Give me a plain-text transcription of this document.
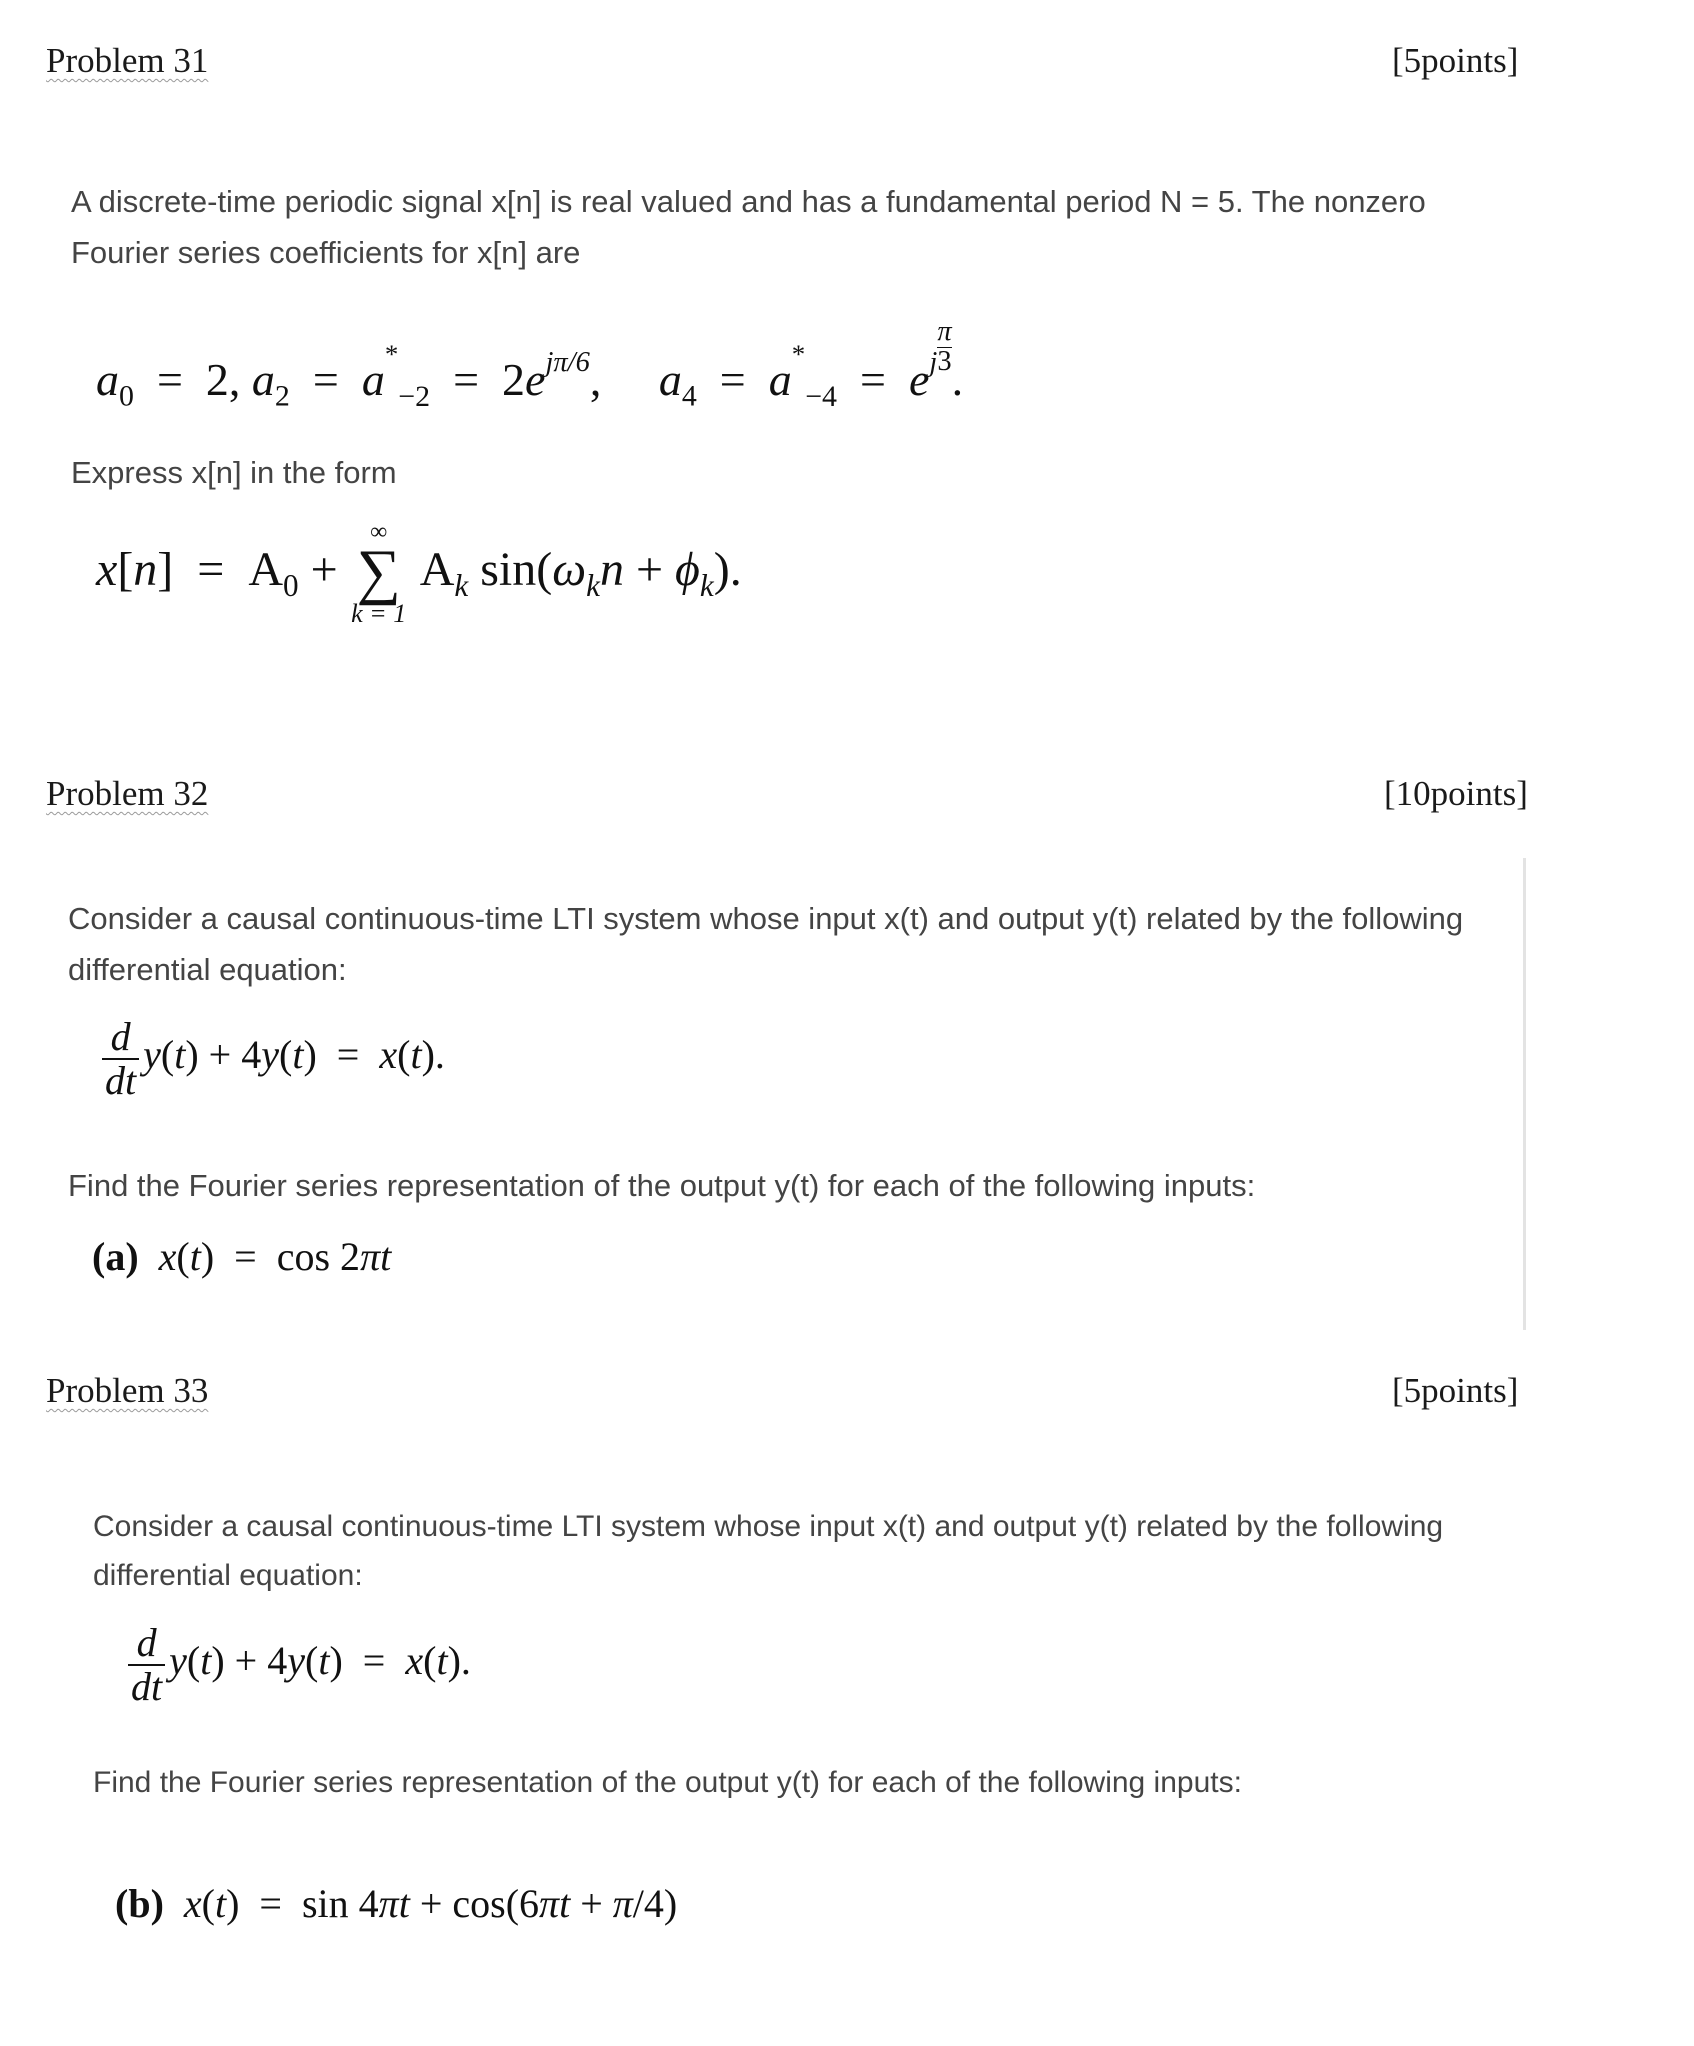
Problem 31	[5points]
A discrete-time periodic signal x[n] is real valued and has a fundamental period N = 5. The nonzero Fourier series coefficients for x[n] are
$a_0 = 2$, $a_2 = a_{*-2} = 2e^{j\pi/6}$,     $a_4 = a_{*-4} = e^j \frac{\pi}{3}$
.
Express x[n] in the form
$x[n] = A_0$ +
∞
∑
k = 1
$A_k$ $\sin(\omega_kn + \phi_k)$.
Problem 32	[10points]
Consider a causal continuous-time LTI system whose input x(t) and output y(t) related by the following differential equation:
$\frac{d}{dt} y(t) + 4y(t) = x(t)$.
Find the Fourier series representation of the output y(t) for each of the following inputs:
(a) x(t)  =  cos 2πt
Problem 33	[5points]
Consider a causal continuous-time LTI system whose input x(t) and output y(t) related by the following differential equation:
$\frac{d}{dt} y(t) + 4y(t) = x(t)$.
Find the Fourier series representation of the output y(t) for each of the following inputs:
(b) x(t)  =  sin 4πt + cos(6πt + π/4)
